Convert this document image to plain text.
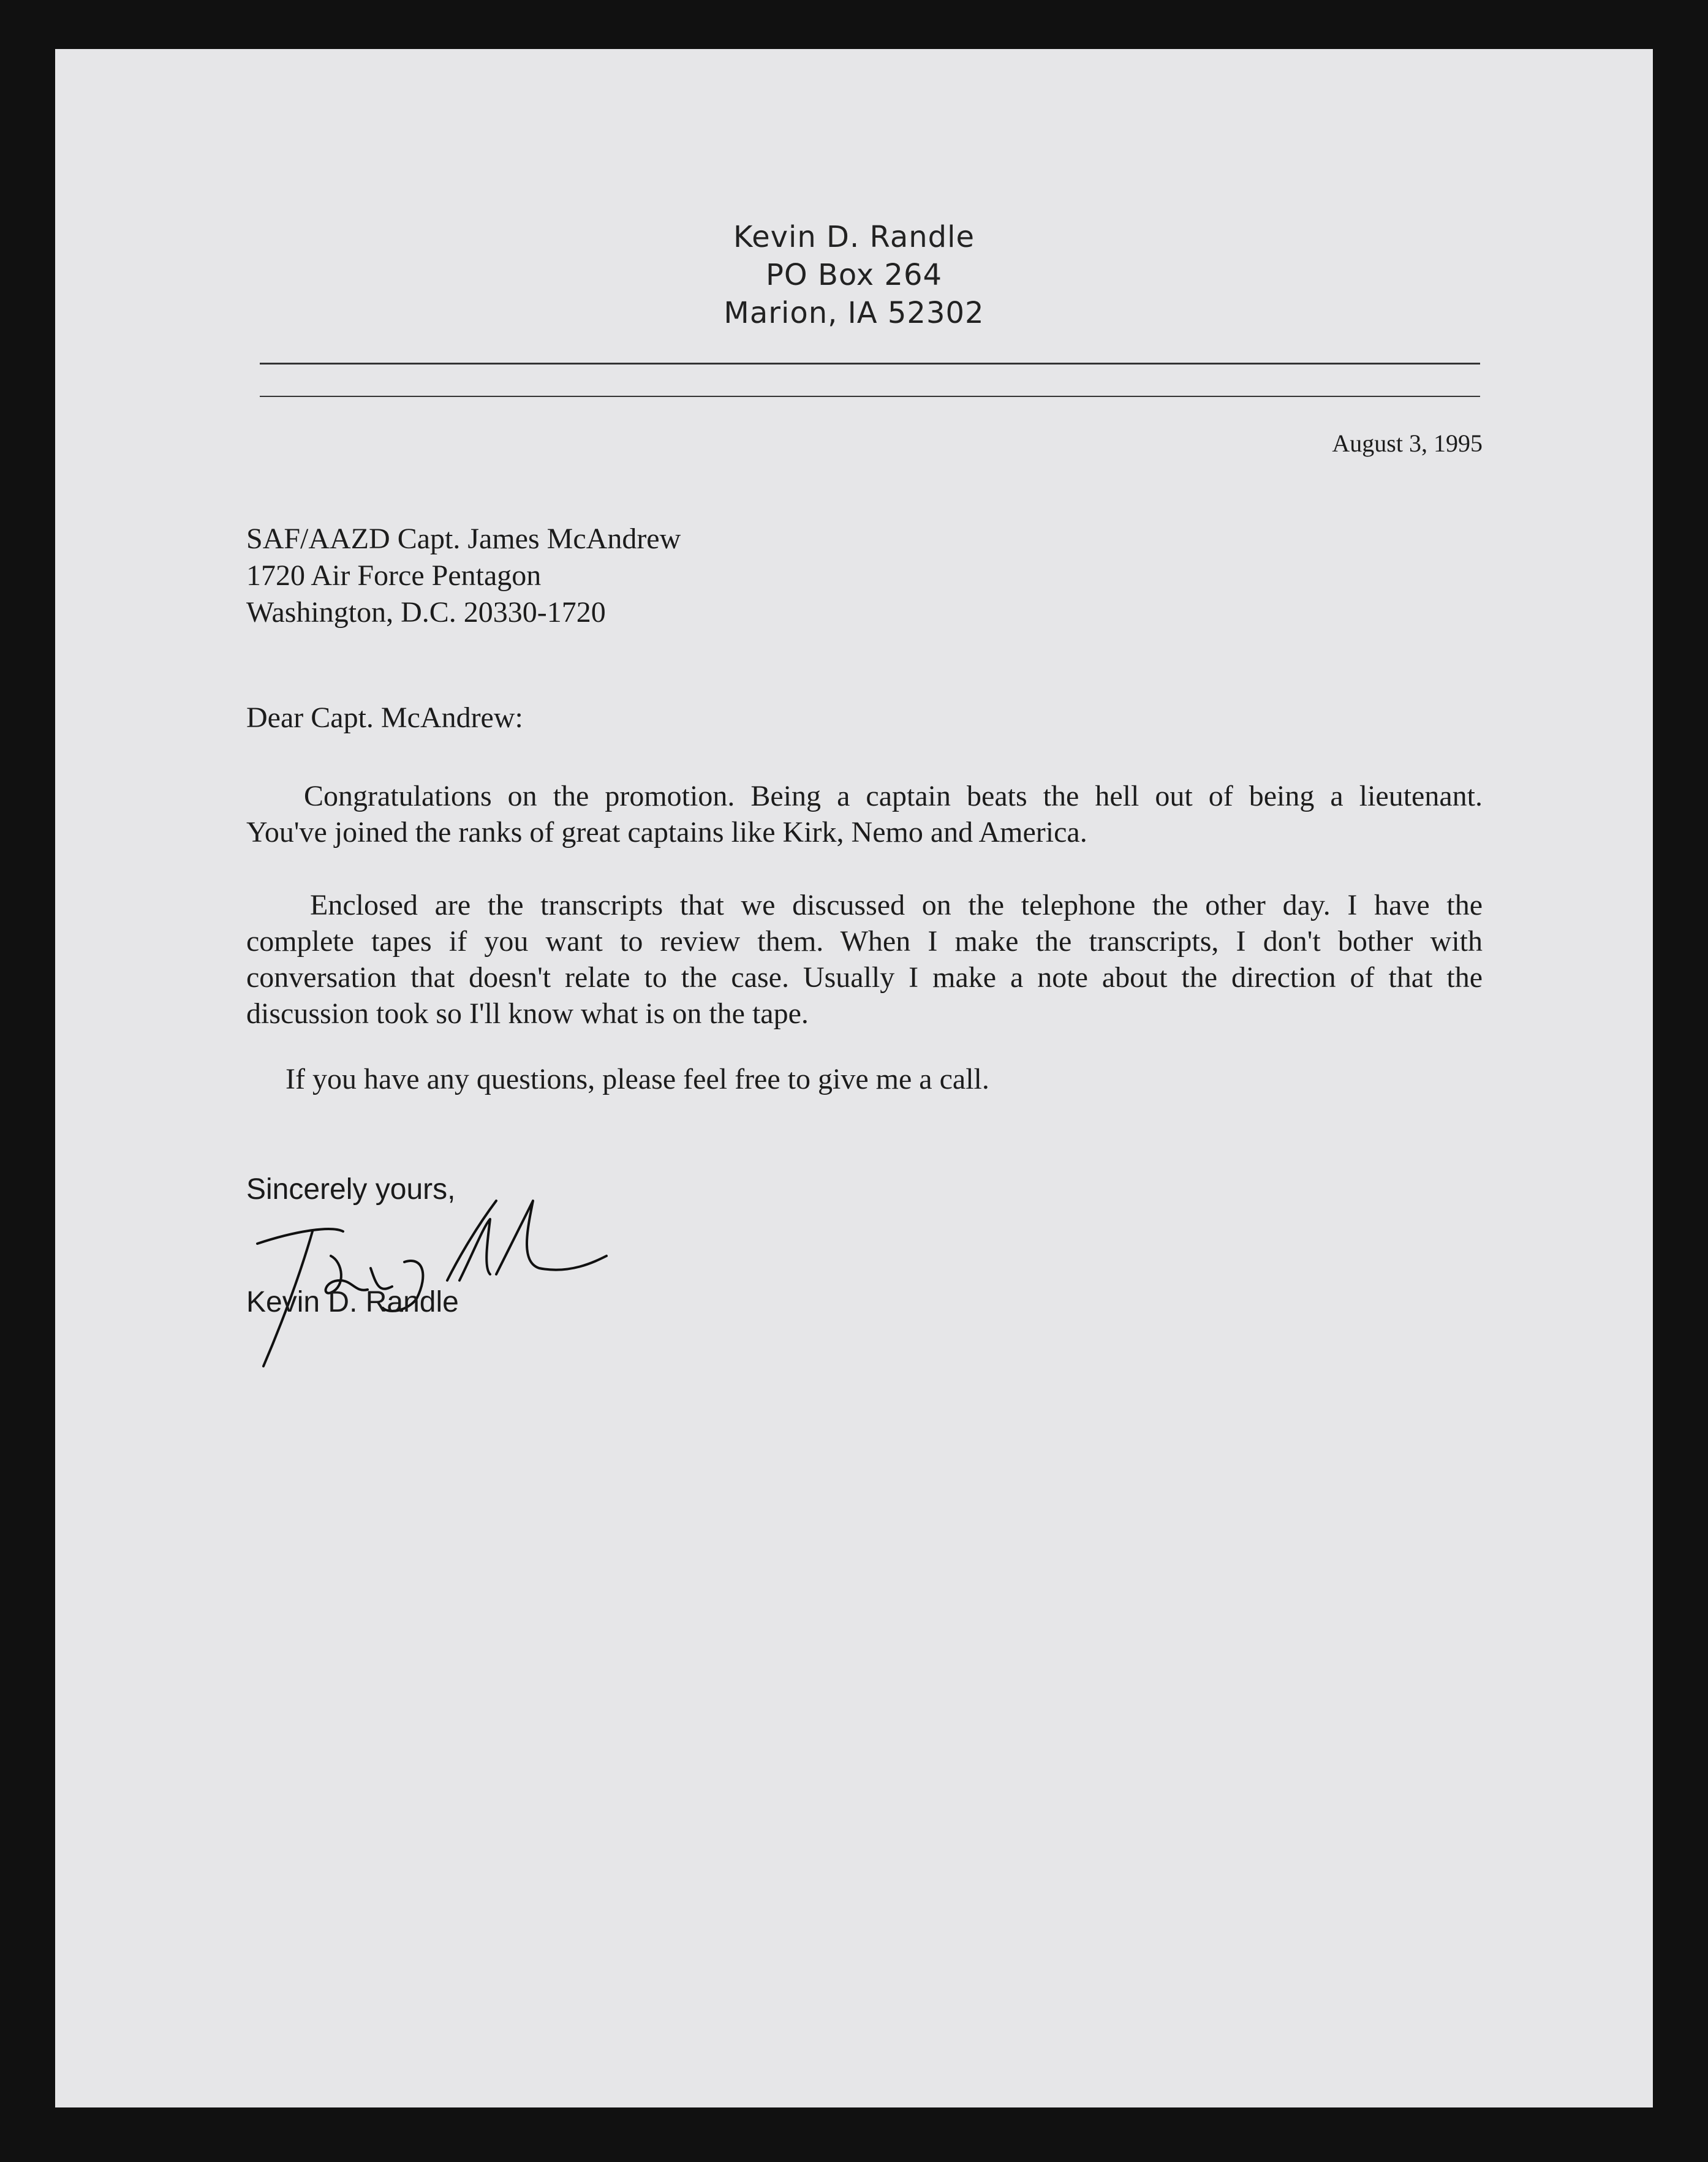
Kevin D. Randle
PO Box 264
Marion, IA 52302
August 3, 1995
SAF/AAZD Capt. James McAndrew
1720 Air Force Pentagon
Washington, D.C. 20330-1720
Dear Capt. McAndrew:
Congratulations on the promotion. Being a captain beats the hell out of being a lieutenant.
You've joined the ranks of great captains like Kirk, Nemo and America.
Enclosed are the transcripts that we discussed on the telephone the other day. I have the
complete tapes if you want to review them. When I make the transcripts, I don't bother with
conversation that doesn't relate to the case. Usually I make a note about the direction of that the
discussion took so I'll know what is on the tape.
If you have any questions, please feel free to give me a call.
Sincerely yours,
Kevin D. Randle
